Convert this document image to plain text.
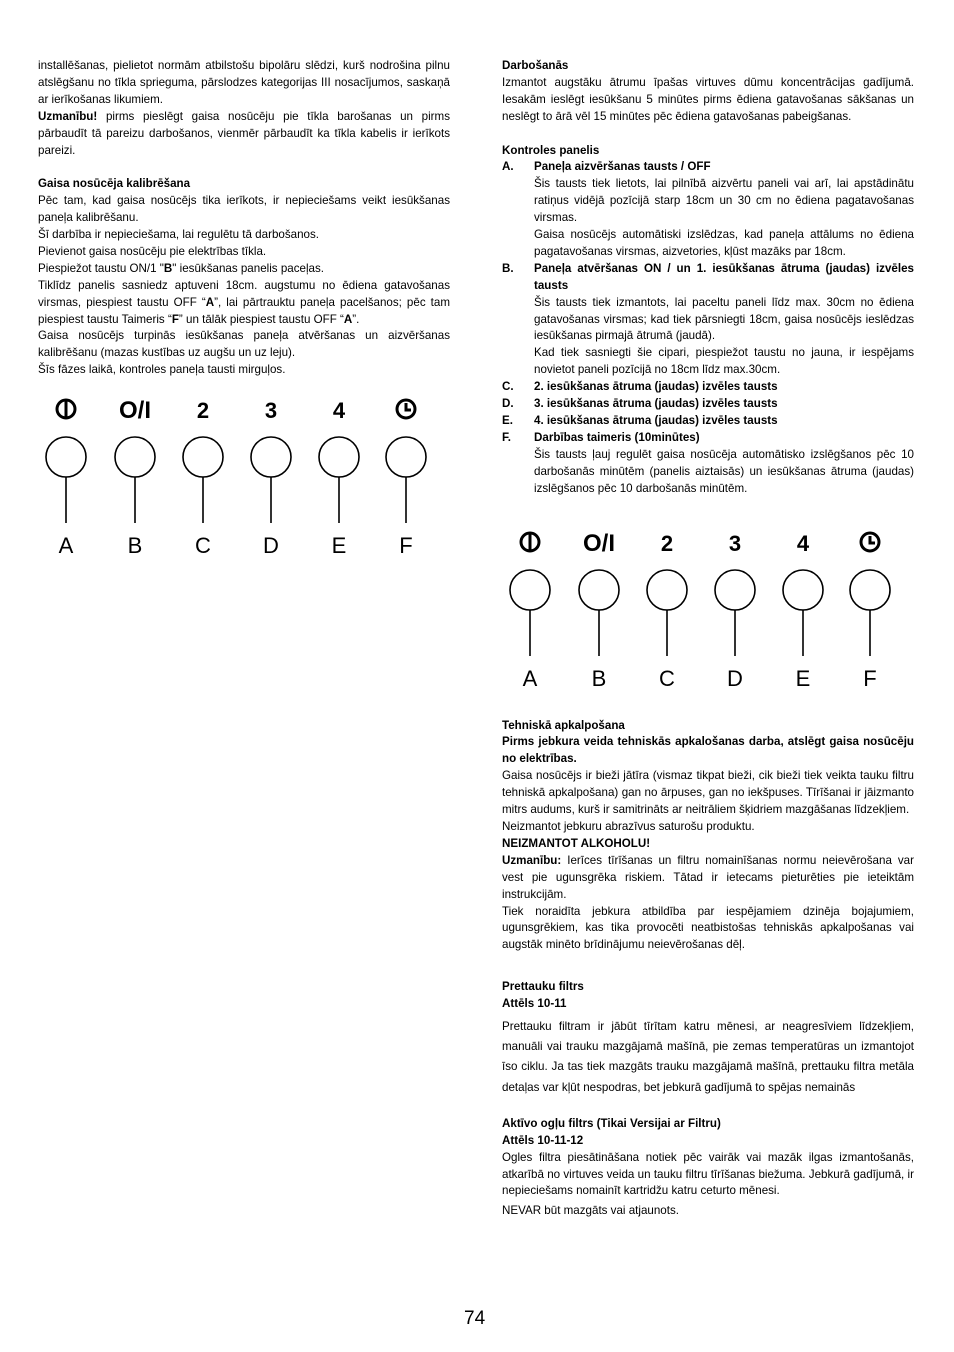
installēšanas, pielietot normām atbilstošu bipolāru slēdzi, kurš nodrošina pilnu atslēgšanu no tīkla sprieguma, pārslodzes kategorijas III nosacījumos, saskaņā ar ierīkošanas likumiem.

Uzmanību! pirms pieslēgt gaisa nosūcēju pie tīkla barošanas un pirms pārbaudīt tā pareizu darbošanos, vienmēr pārbaudīt ka tīkla kabelis ir ierīkots pareizi.

Gaisa nosūcēja kalibrēšana

Pēc tam, kad gaisa nosūcējs tika ierīkots, ir nepieciešams veikt iesūkšanas paneļa kalibrēšanu.

Šī darbība ir nepieciešama, lai regulētu tā darbošanos.

Pievienot gaisa nosūcēju pie elektrības tīkla.

Piespiežot taustu ON/1 "B" iesūkšanas panelis paceļas.

Tiklīdz panelis sasniedz aptuveni 18cm. augstumu no ēdiena gatavošanas virsmas, piespiest taustu OFF “A”, lai pārtrauktu paneļa pacelšanos; pēc tam piespiest taustu Taimeris “F” un tālāk piespiest taustu OFF “A”.

Gaisa nosūcējs turpinās iesūkšanas paneļa atvēršanas un aizvēršanas kalibrēšanu (mazas kustības uz augšu un uz leju).

Šīs fāzes laikā, kontroles paneļa tausti mirguļos.

O/I 2	3	4
A B C D E F

Darbošanās

Izmantot augstāku ātrumu īpašas virtuves dūmu koncentrācijas gadījumā. Iesakām ieslēgt iesūkšanu 5 minūtes pirms ēdiena gatavošanas sākšanas un neslēgt to ārā vēl 15 minūtes pēc ēdiena gatavošanas pabeigšanas.

Kontroles panelis

A. Paneļa aizvēršanas tausts / OFF

Šis tausts tiek lietots, lai pilnībā aizvērtu paneli vai arī, lai apstādinātu ratiņus vidējā pozīcijā starp 18cm un 30 cm no ēdiena pagatavošanas virsmas.

Gaisa nosūcējs automātiski izslēdzas, kad paneļa attālums no ēdiena pagatavošanas virsmas, aizvetories, kļūst mazāks par 18cm.

B. Paneļa atvēršanas ON / un 1. iesūkšanas ātruma (jaudas) izvēles tausts

Šis tausts tiek izmantots, lai paceltu paneli līdz max. 30cm no ēdiena gatavošanas virsmas; kad tiek pārsniegti 18cm, gaisa nosūcējs ieslēdzas iesūkšanas pirmajā ātrumā (jaudā).

Kad tiek sasniegti šie cipari, piespiežot taustu no jauna, ir iespējams novietot paneli pozīcijā no 18cm līdz max.30cm.

C. 2. iesūkšanas ātruma (jaudas) izvēles tausts

D. 3. iesūkšanas ātruma (jaudas) izvēles tausts

E. 4. iesūkšanas ātruma (jaudas) izvēles tausts

F. Darbības taimeris (10minūtes)

Šis tausts ļauj regulēt gaisa nosūcēja automātisko izslēgšanos pēc 10 darbošanās minūtēm (panelis aiztaisās) un iesūkšanas ātruma (jaudas) izslēgšanos pēc 10 darbošanās minūtēm.

O/I 2	3	4
A B C D E F

Tehniskā apkalpošana

Pirms jebkura veida tehniskās apkalošanas darba, atslēgt gaisa nosūcēju no elektrības.

Gaisa nosūcējs ir bieži jātīra (vismaz tikpat bieži, cik bieži tiek veikta tauku filtru tehniskā apkalpošana) gan no ārpuses, gan no iekšpuses. Tīrīšanai ir jāizmanto mitrs audums, kurš ir samitrināts ar neitrāliem šķidriem mazgāšanas līdzekļiem.

Neizmantot jebkuru abrazīvus saturošu produktu.

NEIZMANTOT ALKOHOLU!

Uzmanību: Ierīces tīrīšanas un filtru nomainīšanas normu neievērošana var vest pie ugunsgrēka riskiem. Tātad ir ietecams pieturēties pie ieteiktām instrukcijām.

Tiek noraidīta jebkura atbildība par iespējamiem dzinēja bojajumiem, ugunsgrēkiem, kas tika provocēti neatbistošas tehniskās apkalpošanas vai augstāk minēto brīdinājumu neievērošanas dēļ.

Prettauku filtrs

Attēls 10-11

Prettauku filtram ir jābūt tīrītam katru mēnesi, ar neagresīviem līdzekļiem, manuāli vai trauku mazgājamā mašīnā, pie zemas temperatūras un izmantojot īso ciklu. Ja tas tiek mazgāts trauku mazgājamā mašīnā, prettauku filtra metāla detaļas var kļūt nespodras, bet jebkurā gadījumā to spējas nemainās

Aktīvo ogļu filtrs (Tikai Versijai ar Filtru)

Attēls 10-11-12

Ogles filtra piesātināšana notiek pēc vairāk vai mazāk ilgas izmantošanās, atkarībā no virtuves veida un tauku filtru tīrīšanas biežuma. Jebkurā gadījumā, ir nepieciešams nomainīt kartridžu katru ceturto mēnesi.

NEVAR būt mazgāts vai atjaunots.

74
